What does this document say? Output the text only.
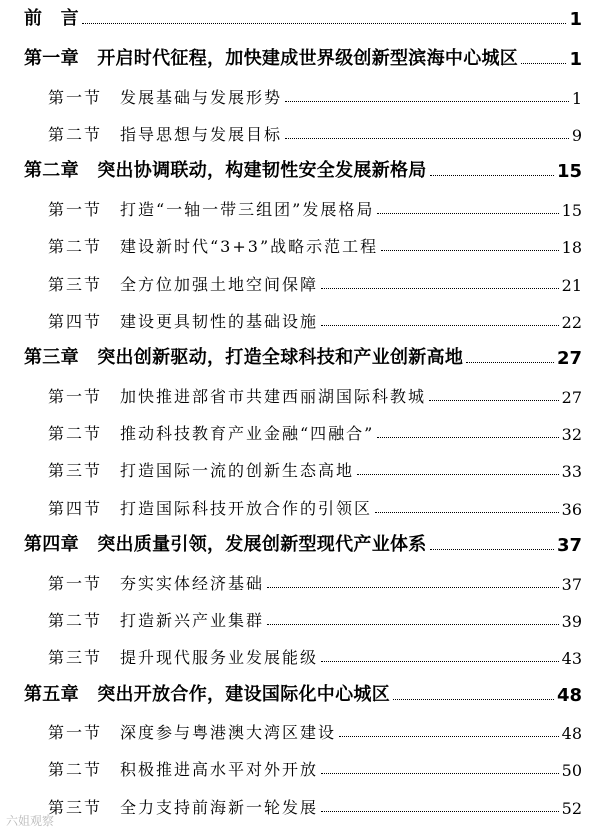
前　言	1
第一章　开启时代征程，加快建成世界级创新型滨海中心城区	1
第一节　发展基础与发展形势	1
第二节　指导思想与发展目标	9
第二章　突出协调联动，构建韧性安全发展新格局	15
第一节　打造“一轴一带三组团”发展格局	15
第二节　建设新时代“3+3”战略示范工程	18
第三节　全方位加强土地空间保障	21
第四节　建设更具韧性的基础设施	22
第三章　突出创新驱动，打造全球科技和产业创新高地	27
第一节　加快推进部省市共建西丽湖国际科教城	27
第二节　推动科技教育产业金融“四融合”	32
第三节　打造国际一流的创新生态高地	33
第四节　打造国际科技开放合作的引领区	36
第四章　突出质量引领，发展创新型现代产业体系	37
第一节　夯实实体经济基础	37
第二节　打造新兴产业集群	39
第三节　提升现代服务业发展能级	43
第五章　突出开放合作，建设国际化中心城区	48
第一节　深度参与粤港澳大湾区建设	48
第二节　积极推进高水平对外开放	50
第三节　全力支持前海新一轮发展	52
六姐观察
